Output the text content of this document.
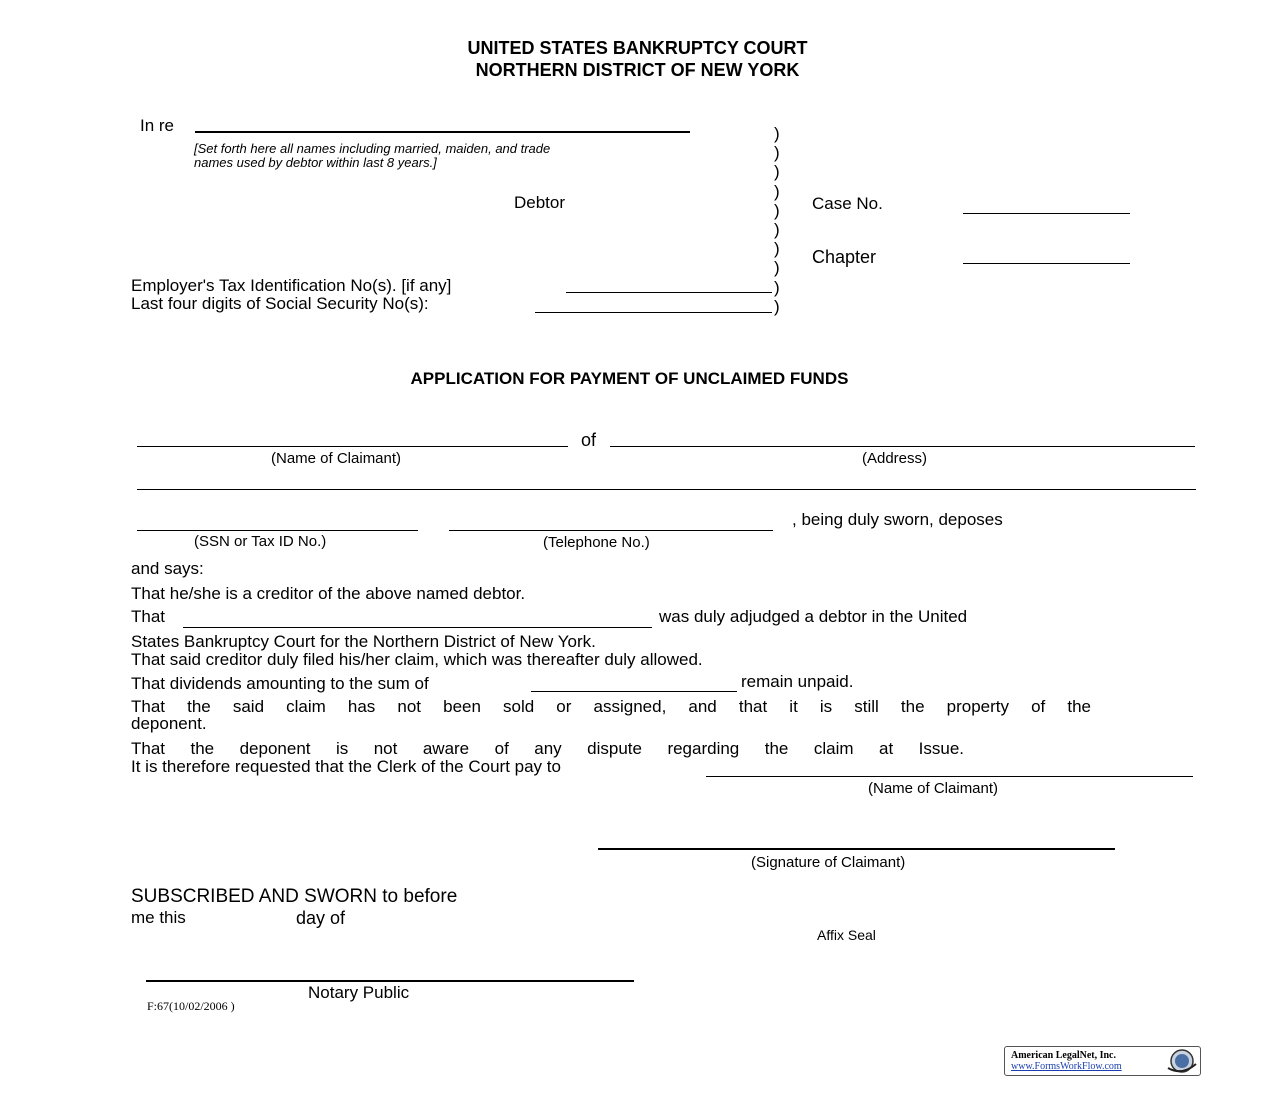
UNITED STATES BANKRUPTCY COURT
NORTHERN DISTRICT OF NEW YORK
In re
[Set forth here all names including married, maiden, and trade
names used by debtor within last 8 years.]
Debtor
)
)
)
)
)
)
)
)
)
)
Case No.
Chapter
Employer's Tax Identification No(s). [if any]
Last four digits of Social Security No(s):
APPLICATION FOR PAYMENT OF UNCLAIMED FUNDS
of
(Name of Claimant)	(Address)
, being duly sworn, deposes
(SSN or Tax ID No.)	(Telephone No.)
and says:
That he/she is a creditor of the above named debtor.
That	was duly adjudged a debtor in the United
States Bankruptcy Court for the Northern District of New York.
That said creditor duly filed his/her claim, which was thereafter duly allowed.
That dividends amounting to the sum of	remain unpaid.
That the said claim has not been sold or assigned, and that it is still the property of the
deponent.
That the deponent is not aware of any dispute regarding the claim at Issue.
It is therefore requested that the Clerk of the Court pay to
(Name of Claimant)
(Signature of Claimant)
SUBSCRIBED AND SWORN to before
me this	day of
Affix Seal
Notary Public
F:67(10/02/2006 )
American LegalNet, Inc.
www.FormsWorkFlow.com
